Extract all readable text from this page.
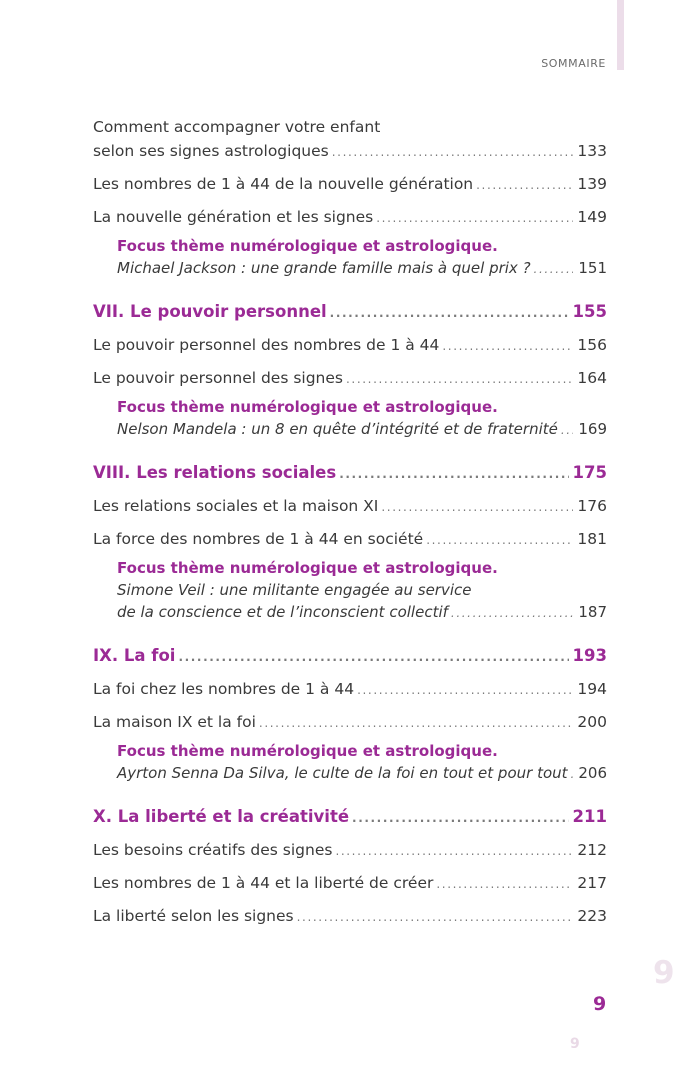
SOMMAIRE
Comment accompagner votre enfant
selon ses signes astrologiques .....	133
Les nombres de 1 à 44 de la nouvelle génération .....	139
La nouvelle génération et les signes .....	149
Focus thème numérologique et astrologique.
Michael Jackson : une grande famille mais à quel prix ? .....	151
VII. Le pouvoir personnel .....	155
Le pouvoir personnel des nombres de 1 à 44 .....	156
Le pouvoir personnel des signes .....	164
Focus thème numérologique et astrologique.
Nelson Mandela : un 8 en quête d’intégrité et de fraternité ..... 169
VIII. Les relations sociales .....	175
Les relations sociales et la maison XI .....	176
La force des nombres de 1 à 44 en société .....	181
Focus thème numérologique et astrologique.
Simone Veil : une militante engagée au service
de la conscience et de l’inconscient collectif .....	187
IX. La foi .....	193
La foi chez les nombres de 1 à 44 .....	194
La maison IX et la foi .....	200
Focus thème numérologique et astrologique.
Ayrton Senna Da Silva, le culte de la foi en tout et pour tout ..... 206
X. La liberté et la créativité .....	211
Les besoins créatifs des signes .....	212
Les nombres de 1 à 44 et la liberté de créer .....	217
La liberté selon les signes .....	223
9
9
9
